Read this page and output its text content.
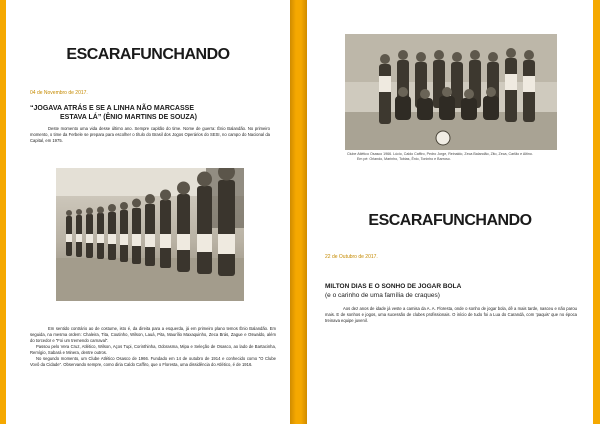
ESCARAFUNCHANDO
04 de Novembro de 2017.
“JOGAVA ATRÁS E SE A LINHA NÃO MARCASSE
ESTAVA LÁ” (ÊNIO MARTINS DE SOUZA)

Deste momento uma vida desse último ano. Sempre capitão do time. Nome de guerra: Ênio Balandão. No primeiro momento, o time da Ferbele se prepara para escolher o título do Brasil dos Jogos Operários do SESI, no campo do Nacional da Capital, em 1975.

Em sentido contrário ao de costume, isto é, da direita para a esquerda, já em primeiro plano temos Ênio Balandão. Em seguida, na mesma ordem: Chaleira, Tita, Coutinho, Wilson, Lauá, Pita, Maurílio Maxaquinho, Zeca Brás, Zague e Oswaldo, além do torcedor e “Foi um tremendo carnaval”.

Passou pelo Vera Cruz, Atlético, Wilson, Aços Tupi, Corinthinha, Odorasma, Mipa e Seleção de Osasco, ao lado de Bartacinha, Remígio, Sabará e Minera, dentre outros.

No segundo momento, um Clube Atlético Osasco de 1966. Fundado em 14 de outubro de 1914 e conhecido como “O Clube Vovô da Cidade”. Observando sempre, como diria Caldo Caffiro, que o Floresta, uma dissidência do Atlético, é de 1916.

Clube Atlético Osasco 1966. Lúcio, Caldo Caffiro, Pedro Jorge, Reinaldo, Zeca Balandão, Zito, Zeca, Carlão e Altino.
Em pé: Orlando, Marinho, Tobias, Ênio, Toninho e Barroso.
ESCARAFUNCHANDO
22 de Outubro de 2017.
MILTON DIAS E O SONHO DE JOGAR BOLA
(e o carinho de uma família de craques)

Aos dez anos de idade já veste a camisa da A. A. Floresta, onde o sonho de jogar bola, dê a mais tarde, nasceu e não parou mais. E de sonhos e jogos, uma sucessão de clubes profissionais. O início de tudo foi a Lua do Carandá, com ‘paquis’ que no época treinava equipe juvenil.
